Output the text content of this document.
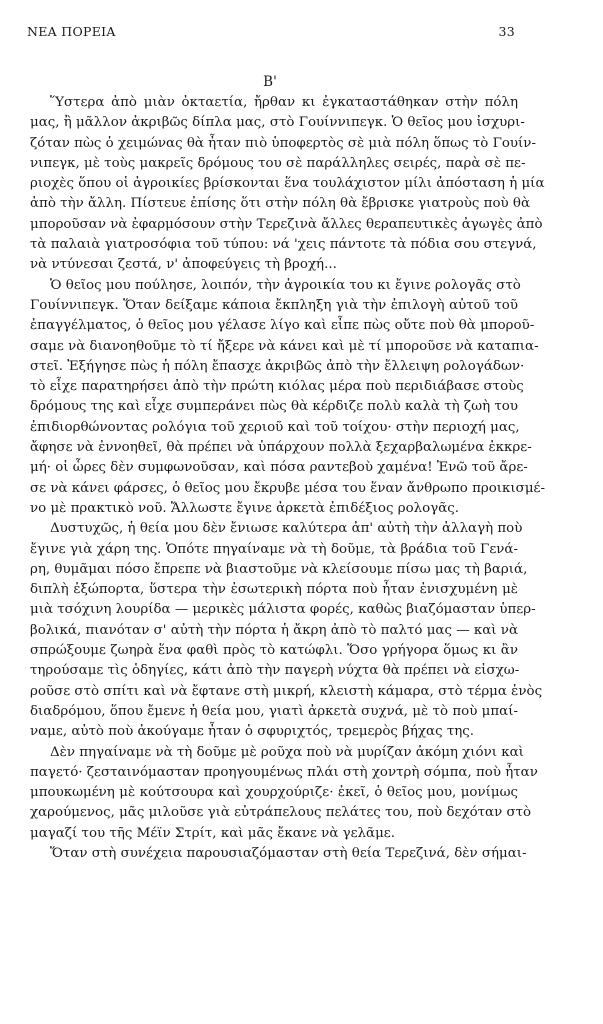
ΝΕΑ ΠΟΡΕΙΑ	33
Β'
Ὕστερα ἀπὸ μιὰν ὀκταετία, ἤρθαν κι ἐγκαταστάθηκαν στὴν πόλη
μας, ἢ μᾶλλον ἀκριβῶς δίπλα μας, στὸ Γουίννιπεγκ. Ὁ θεῖος μου ἰσχυρι-
ζόταν πὼς ὁ χειμώνας θὰ ἦταν πιὸ ὑποφερτὸς σὲ μιὰ πόλη ὅπως τὸ Γουίν-
νιπεγκ, μὲ τοὺς μακρεῖς δρόμους του σὲ παράλληλες σειρές, παρὰ σὲ πε-
ριοχὲς ὅπου οἱ ἀγροικίες βρίσκονται ἕνα τουλάχιστον μίλι ἀπόσταση ἡ μία
ἀπὸ τὴν ἄλλη. Πίστευε ἐπίσης ὅτι στὴν πόλη θὰ ἔβρισκε γιατροὺς ποὺ θὰ
μποροῦσαν νὰ ἐφαρμόσουν στὴν Τερεζινὰ ἄλλες θεραπευτικὲς ἀγωγὲς ἀπὸ
τὰ παλαιὰ γιατροσόφια τοῦ τύπου: νά 'χεις πάντοτε τὰ πόδια σου στεγνά,
νὰ ντύνεσαι ζεστά, ν' ἀποφεύγεις τὴ βροχή...
Ὁ θεῖος μου πούλησε, λοιπόν, τὴν ἀγροικία του κι ἔγινε ρολογᾶς στὸ
Γουίννιπεγκ. Ὅταν δείξαμε κάποια ἔκπληξη γιὰ τὴν ἐπιλογὴ αὐτοῦ τοῦ
ἐπαγγέλματος, ὁ θεῖος μου γέλασε λίγο καὶ εἶπε πὼς οὔτε ποὺ θὰ μποροῦ-
σαμε νὰ διανοηθοῦμε τὸ τί ἤξερε νὰ κάνει καὶ μὲ τί μποροῦσε νὰ καταπια-
στεῖ. Ἐξήγησε πὼς ἡ πόλη ἔπασχε ἀκριβῶς ἀπὸ τὴν ἔλλειψη ρολογάδων·
τὸ εἶχε παρατηρήσει ἀπὸ τὴν πρώτη κιόλας μέρα ποὺ περιδιάβασε στοὺς
δρόμους της καὶ εἶχε συμπεράνει πὼς θὰ κέρδιζε πολὺ καλὰ τὴ ζωὴ του
ἐπιδιορθώνοντας ρολόγια τοῦ χεριοῦ καὶ τοῦ τοίχου· στὴν περιοχή μας,
ἄφησε νὰ ἐννοηθεῖ, θὰ πρέπει νὰ ὑπάρχουν πολλὰ ξεχαρβαλωμένα ἐκκρε-
μή· οἱ ὧρες δὲν συμφωνοῦσαν, καὶ πόσα ραντεβοὺ χαμένα! Ἐνῶ τοῦ ἄρε-
σε νὰ κάνει φάρσες, ὁ θεῖος μου ἔκρυβε μέσα του ἕναν ἄνθρωπο προικισμέ-
νο μὲ πρακτικὸ νοῦ. Ἄλλωστε ἔγινε ἀρκετὰ ἐπιδέξιος ρολογᾶς.
Δυστυχῶς, ἡ θεία μου δὲν ἔνιωσε καλύτερα ἀπ' αὐτὴ τὴν ἀλλαγὴ ποὺ
ἔγινε γιὰ χάρη της. Ὁπότε πηγαίναμε νὰ τὴ δοῦμε, τὰ βράδια τοῦ Γενά-
ρη, θυμᾶμαι πόσο ἔπρεπε νὰ βιαστοῦμε νὰ κλείσουμε πίσω μας τὴ βαριά,
διπλὴ ἐξώπορτα, ὕστερα τὴν ἐσωτερικὴ πόρτα ποὺ ἦταν ἐνισχυμένη μὲ
μιὰ τσόχινη λουρίδα — μερικὲς μάλιστα φορές, καθὼς βιαζόμασταν ὑπερ-
βολικά, πιανόταν σ' αὐτὴ τὴν πόρτα ἡ ἄκρη ἀπὸ τὸ παλτό μας — καὶ νὰ
σπρώξουμε ζωηρὰ ἕνα φαθὶ πρὸς τὸ κατώφλι. Ὅσο γρήγορα ὅμως κι ἂν
τηρούσαμε τὶς ὁδηγίες, κάτι ἀπὸ τὴν παγερὴ νύχτα θὰ πρέπει νὰ εἰσχω-
ροῦσε στὸ σπίτι καὶ νὰ ἔφτανε στὴ μικρή, κλειστὴ κάμαρα, στὸ τέρμα ἑνὸς
διαδρόμου, ὅπου ἔμενε ἡ θεία μου, γιατὶ ἀρκετὰ συχνά, μὲ τὸ ποὺ μπαί-
ναμε, αὐτὸ ποὺ ἀκούγαμε ἦταν ὁ σφυριχτός, τρεμερὸς βήχας της.
Δὲν πηγαίναμε νὰ τὴ δοῦμε μὲ ροῦχα ποὺ νὰ μυρίζαν ἀκόμη χιόνι καὶ
παγετό· ζεσταινόμασταν προηγουμένως πλάι στὴ χοντρὴ σόμπα, ποὺ ἦταν
μπουκωμένη μὲ κούτσουρα καὶ χουρχούριζε· ἐκεῖ, ὁ θεῖος μου, μονίμως
χαρούμενος, μᾶς μιλοῦσε γιὰ εὐτράπελους πελάτες του, ποὺ δεχόταν στὸ
μαγαζί του τῆς Μέϊν Στρίτ, καὶ μᾶς ἔκανε νὰ γελᾶμε.
Ὅταν στὴ συνέχεια παρουσιαζόμασταν στὴ θεία Τερεζινά, δὲν σήμαι-
